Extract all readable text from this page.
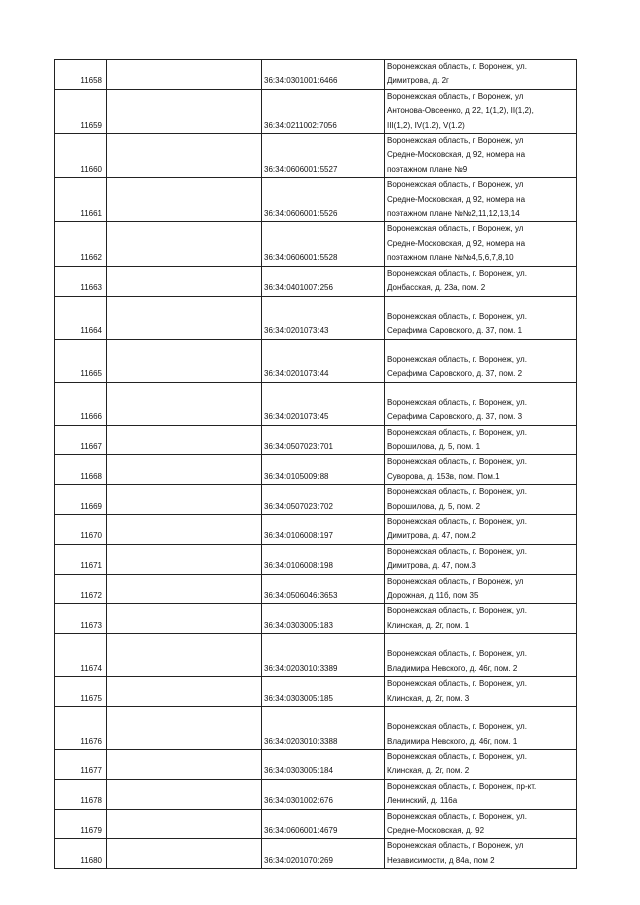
11658		36:34:0301001:6466	Воронежская область, г. Воронеж, ул.
Димитрова, д. 2г
11659		36:34:0211002:7056	Воронежская область, г Воронеж, ул
Антонова-Овсеенко, д 22, 1(1,2), II(1,2),
III(1,2), IV(1.2), V(1.2)
11660		36:34:0606001:5527	Воронежская область, г Воронеж, ул
Средне-Московская, д 92, номера на
поэтажном плане №9
11661		36:34:0606001:5526	Воронежская область, г Воронеж, ул
Средне-Московская, д 92, номера на
поэтажном плане №№2,11,12,13,14
11662		36:34:0606001:5528	Воронежская область, г Воронеж, ул
Средне-Московская, д 92, номера на
поэтажном плане №№4,5,6,7,8,10
11663		36:34:0401007:256	Воронежская область, г. Воронеж, ул.
Донбасская, д. 23а, пом. 2
11664		36:34:0201073:43	Воронежская область, г. Воронеж, ул.
Серафима Саровского, д. 37, пом. 1
11665		36:34:0201073:44	Воронежская область, г. Воронеж, ул.
Серафима Саровского, д. 37, пом. 2
11666		36:34:0201073:45	Воронежская область, г. Воронеж, ул.
Серафима Саровского, д. 37, пом. 3
11667		36:34:0507023:701	Воронежская область, г. Воронеж, ул.
Ворошилова, д. 5, пом. 1
11668		36:34:0105009:88	Воронежская область, г. Воронеж, ул.
Суворова, д. 153в, пом. Пом.1
11669		36:34:0507023:702	Воронежская область, г. Воронеж, ул.
Ворошилова, д. 5, пом. 2
11670		36:34:0106008:197	Воронежская область, г. Воронеж, ул.
Димитрова, д. 47, пом.2
11671		36:34:0106008:198	Воронежская область, г. Воронеж, ул.
Димитрова, д. 47, пом.3
11672		36:34:0506046:3653	Воронежская область, г Воронеж, ул
Дорожная, д 11б, пом 35
11673		36:34:0303005:183	Воронежская область, г. Воронеж, ул.
Клинская, д. 2г, пом. 1
11674		36:34:0203010:3389	Воронежская область, г. Воронеж, ул.
Владимира Невского, д. 46г, пом. 2
11675		36:34:0303005:185	Воронежская область, г. Воронеж, ул.
Клинская, д. 2г, пом. 3
11676		36:34:0203010:3388	Воронежская область, г. Воронеж, ул.
Владимира Невского, д. 46г, пом. 1
11677		36:34:0303005:184	Воронежская область, г. Воронеж, ул.
Клинская, д. 2г, пом. 2
11678		36:34:0301002:676	Воронежская область, г. Воронеж, пр-кт.
Ленинский, д. 116а
11679		36:34:0606001:4679	Воронежская область, г. Воронеж, ул.
Средне-Московская, д. 92
11680		36:34:0201070:269	Воронежская область, г Воронеж, ул
Независимости, д 84а, пом 2
